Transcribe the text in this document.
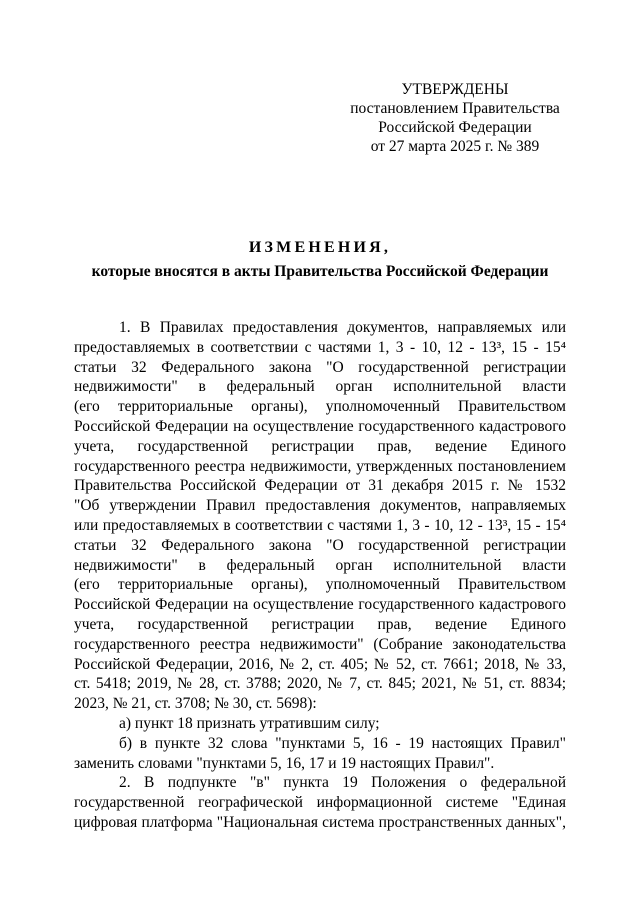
УТВЕРЖДЕНЫ
постановлением Правительства
Российской Федерации
от 27 марта 2025 г. № 389
ИЗМЕНЕНИЯ,
которые вносятся в акты Правительства Российской Федерации
1. В Правилах предоставления документов, направляемых или
предоставляемых в соответствии с частями 1, 3 - 10, 12 - 13³, 15 - 15⁴
статьи 32 Федерального закона "О государственной регистрации
недвижимости" в федеральный орган исполнительной власти
(его территориальные органы), уполномоченный Правительством
Российской Федерации на осуществление государственного кадастрового
учета, государственной регистрации прав, ведение Единого
государственного реестра недвижимости, утвержденных постановлением
Правительства Российской Федерации от 31 декабря 2015 г. № 1532
"Об утверждении Правил предоставления документов, направляемых
или предоставляемых в соответствии с частями 1, 3 - 10, 12 - 13³, 15 - 15⁴
статьи 32 Федерального закона "О государственной регистрации
недвижимости" в федеральный орган исполнительной власти
(его территориальные органы), уполномоченный Правительством
Российской Федерации на осуществление государственного кадастрового
учета, государственной регистрации прав, ведение Единого
государственного реестра недвижимости" (Собрание законодательства
Российской Федерации, 2016, № 2, ст. 405; № 52, ст. 7661; 2018, № 33,
ст. 5418; 2019, № 28, ст. 3788; 2020, № 7, ст. 845; 2021, № 51, ст. 8834;
2023, № 21, ст. 3708; № 30, ст. 5698):
а) пункт 18 признать утратившим силу;
б) в пункте 32 слова "пунктами 5, 16 - 19 настоящих Правил"
заменить словами "пунктами 5, 16, 17 и 19 настоящих Правил".
2. В подпункте "в" пункта 19 Положения о федеральной
государственной географической информационной системе "Единая
цифровая платформа "Национальная система пространственных данных",
